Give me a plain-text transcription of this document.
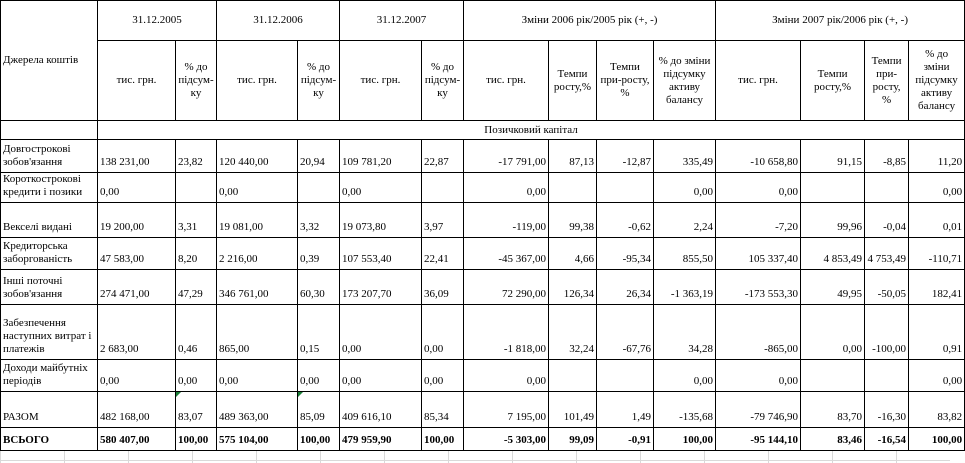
Джерела коштів	31.12.2005		31.12.2006		31.12.2007		Зміни 2006 рік/2005 рік (+, -)				Зміни 2007 рік/2006 рік (+, -)			
	тис. грн.	% до підсум-ку	тис. грн.	% до підсум-ку	тис. грн.	% до підсум-ку	тис. грн.	Темпи росту,%	Темпи при-росту, %	% до зміни підсумку активу балансу	тис. грн.	Темпи росту,%	Темпи при-росту, %	% до зміни підсумку активу балансу
	Позичковий капітал													
Довгострокові зобов'язання	138 231,00	23,82	120 440,00	20,94	109 781,20	22,87	-17 791,00	87,13	-12,87	335,49	-10 658,80	91,15	-8,85	11,20
Короткострокові кредити і позики	0,00		0,00		0,00		0,00			0,00	0,00			0,00
Векселі видані	19 200,00	3,31	19 081,00	3,32	19 073,80	3,97	-119,00	99,38	-0,62	2,24	-7,20	99,96	-0,04	0,01
Кредиторська заборгованість	47 583,00	8,20	2 216,00	0,39	107 553,40	22,41	-45 367,00	4,66	-95,34	855,50	105 337,40	4 853,49	4 753,49	-110,71
Інші поточні зобов'язання	274 471,00	47,29	346 761,00	60,30	173 207,70	36,09	72 290,00	126,34	26,34	-1 363,19	-173 553,30	49,95	-50,05	182,41
Забезпечення наступних витрат і платежів	2 683,00	0,46	865,00	0,15	0,00	0,00	-1 818,00	32,24	-67,76	34,28	-865,00	0,00	-100,00	0,91
Доходи майбутніх періодів	0,00	0,00	0,00	0,00	0,00	0,00	0,00			0,00	0,00			0,00
РАЗОМ	482 168,00	83,07	489 363,00	85,09	409 616,10	85,34	7 195,00	101,49	1,49	-135,68	-79 746,90	83,70	-16,30	83,82
ВСЬОГО	580 407,00	100,00	575 104,00	100,00	479 959,90	100,00	-5 303,00	99,09	-0,91	100,00	-95 144,10	83,46	-16,54	100,00
